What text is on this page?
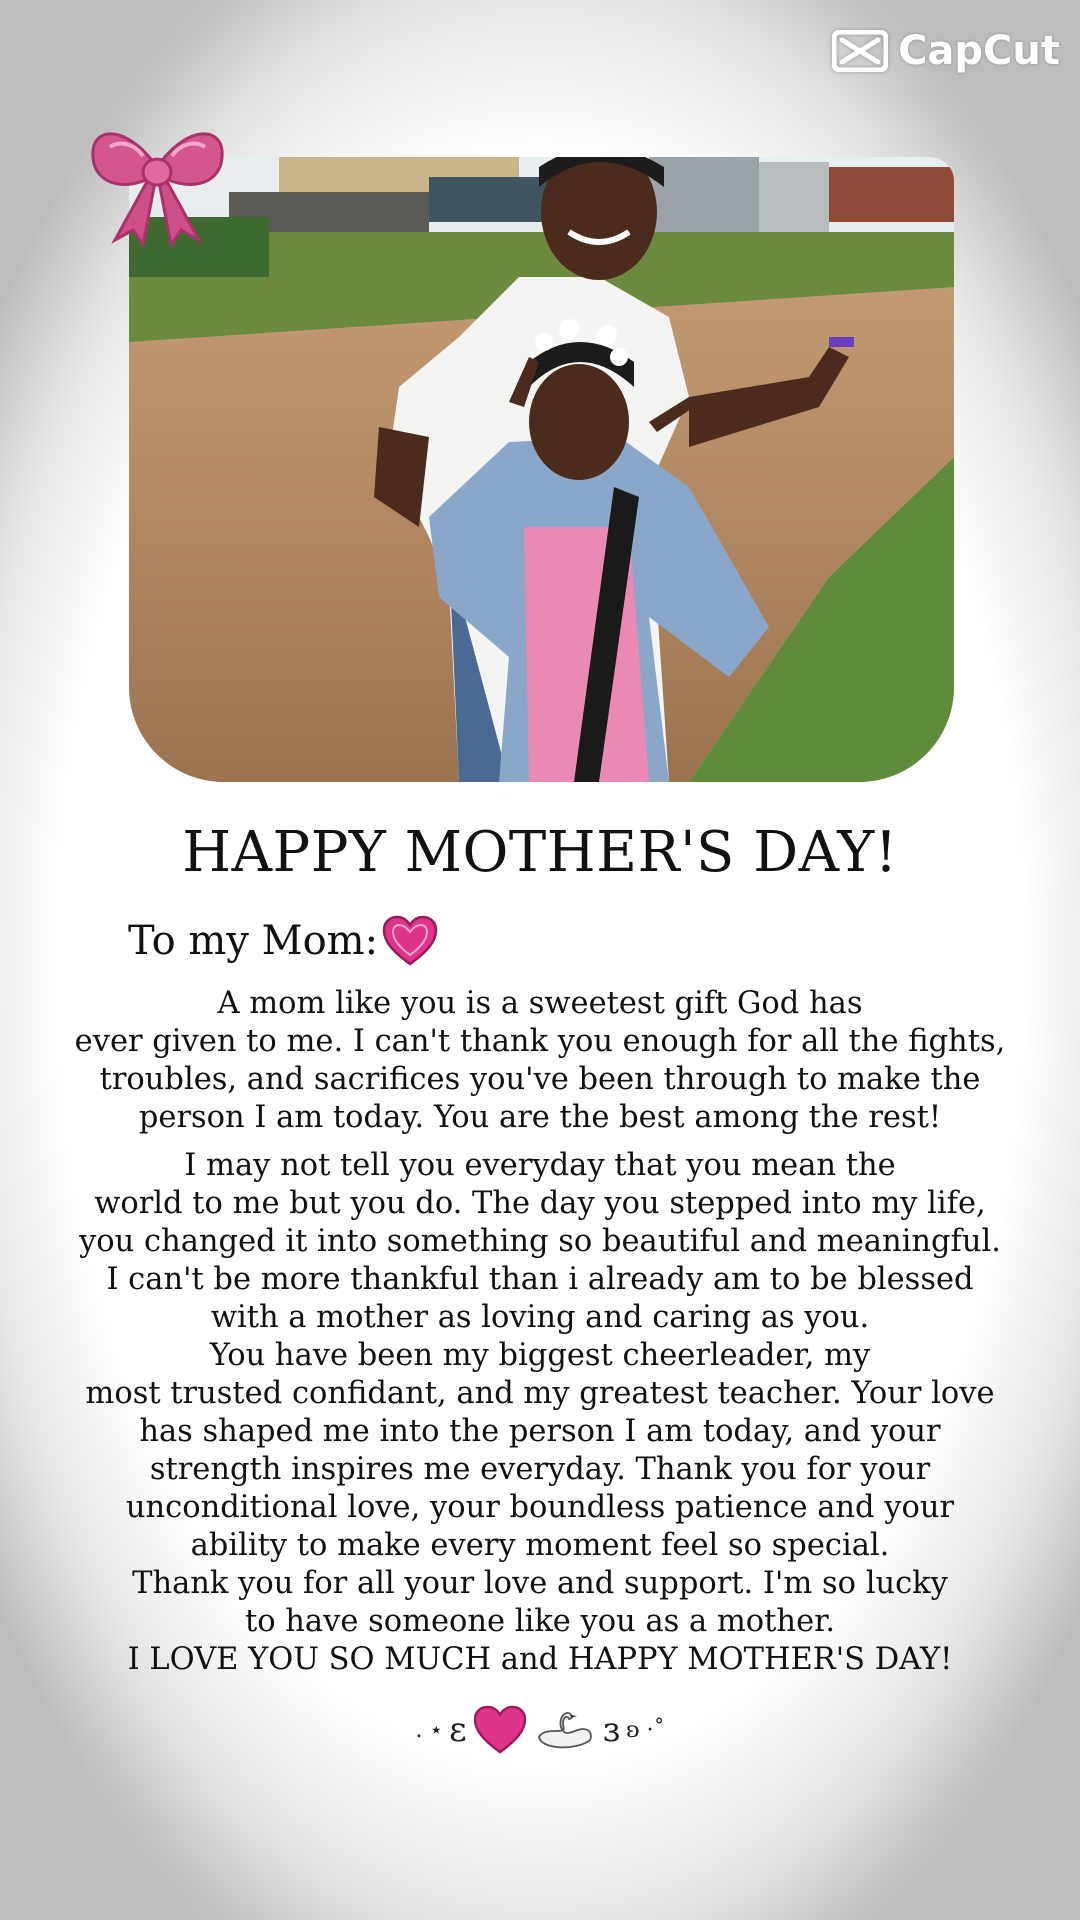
CapCut
HAPPY MOTHER'S DAY!
To my Mom:

A mom like you is a sweetest gift God has

ever given to me. I can't thank you enough for all the fights,

troubles, and sacrifices you've been through to make the

person I am today. You are the best among the rest!

I may not tell you everyday that you mean the

world to me but you do. The day you stepped into my life,

you changed it into something so beautiful and meaningful.

I can't be more thankful than i already am to be blessed

with a mother as loving and caring as you.

You have been my biggest cheerleader, my

most trusted confidant, and my greatest teacher. Your love

has shaped me into the person I am today, and your

strength inspires me everyday. Thank you for your

unconditional love, your boundless patience and your

ability to make every moment feel so special.

Thank you for all your love and support. I'm so lucky

to have someone like you as a mother.

I LOVE YOU SO MUCH and HAPPY MOTHER'S DAY!

. ⋆ ɛ	ɜ ʚ ·˚
